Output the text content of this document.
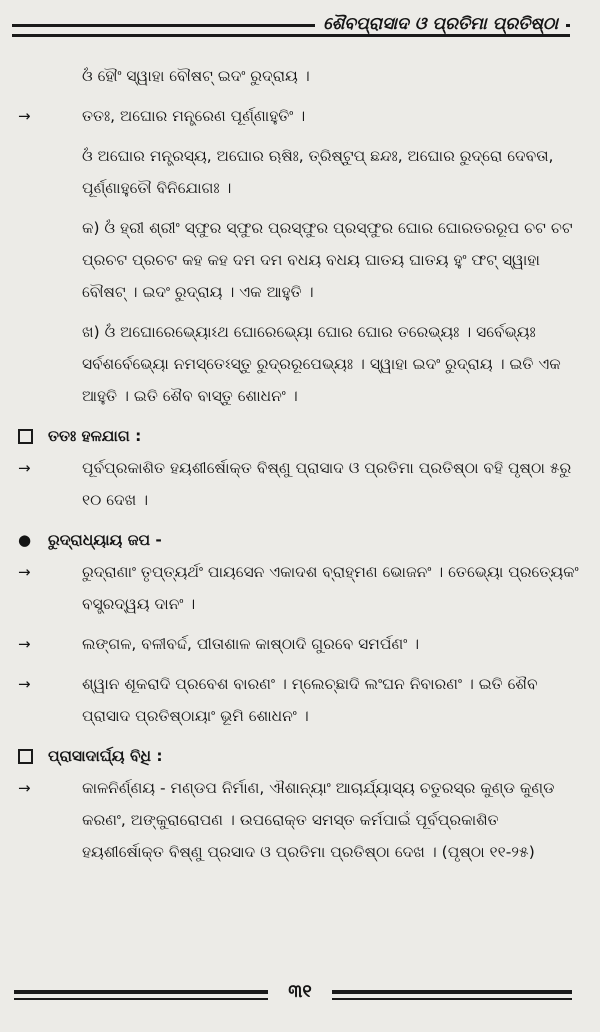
ଶୈବପ୍ରାସାଦ ଓ ପ୍ରତିମା ପ୍ରତିଷ୍ଠା
ଓଁ ହୌଂ ସ୍ୱାହା ବୌଷଟ୍ ଇଦଂ ରୁଦ୍ରାୟ ।
→	ତତଃ, ଅଘୋର ମନ୍ତ୍ରେଣ ପୂର୍ଣ୍ଣାହୁତିଂ ।
ଓଁ ଅଘୋର ମନ୍ତ୍ରସ୍ୟ, ଅଘୋର ଋଷିଃ, ତ୍ରିଷ୍ଟୁପ୍ ଛନ୍ଦଃ, ଅଘୋର ରୁଦ୍ରୋ ଦେବତା, ପୂର୍ଣ୍ଣାହୁତୌ ବିନିଯୋଗଃ ।
କ) ଓଁ ହ୍ରୀ ଶ୍ରୀଂ ସ୍ଫୁର ସ୍ଫୁର ପ୍ରସ୍ଫୁର ପ୍ରସ୍ଫୁର ଘୋର ଘୋରତରରୂପ ଚଟ ଚଟ ପ୍ରଚଟ ପ୍ରଚଟ କହ କହ ଦମ ଦମ ବଧୟ ବଧୟ ଘାତୟ ଘାତୟ ହୁଂ ଫଟ୍ ସ୍ୱାହା ବୌଷଟ୍ । ଇଦଂ ରୁଦ୍ରାୟ । ଏକ ଆହୁତି ।
ଖ) ଓଁ ଅଘୋରେଭ୍ୟୋଽଥ ଘୋରେଭ୍ୟୋ ଘୋର ଘୋର ତରେଭ୍ୟଃ । ସର୍ବେଭ୍ୟଃ ସର୍ବଶର୍ବେଭ୍ୟୋ ନମସ୍ତେଽସ୍ତୁ ରୁଦ୍ରରୂପେଭ୍ୟଃ । ସ୍ୱାହା ଇଦଂ ରୁଦ୍ରାୟ । ଇତି ଏକ ଆହୁତି । ଇତି ଶୈବ ବାସ୍ତୁ ଶୋଧନଂ ।
ତତଃ ହଳଯାଗ :
→	ପୂର୍ବପ୍ରକାଶିତ ହୟଶୀର୍ଷୋକ୍ତ ବିଷ୍ଣୁ ପ୍ରାସାଦ ଓ ପ୍ରତିମା ପ୍ରତିଷ୍ଠା ବହି ପୃଷ୍ଠା ୫ରୁ ୧୦ ଦେଖ ।
● ରୁଦ୍ରାଧ୍ୟାୟ ଜପ -
→	ରୁଦ୍ରାଣାଂ ତୃପ୍ତ୍ୟର୍ଥଂ ପାୟସେନ ଏକାଦଶ ବ୍ରାହ୍ମଣ ଭୋଜନଂ । ତେଭ୍ୟୋ ପ୍ରତ୍ୟେକଂ ବସ୍ତ୍ରଦ୍ୱୟ ଦାନଂ ।
→	ଲଙ୍ଗଳ, ବଳୀବର୍ଦ୍ଦ, ପୀତାଶାଳ କାଷ୍ଠାଦି ଗୁରବେ ସମର୍ପଣଂ ।
→	ଶ୍ୱାନ ଶୂକରାଦି ପ୍ରବେଶ ବାରଣଂ । ମ୍ଲେଚ୍ଛାଦି ଲଂଘନ ନିବାରଣଂ । ଇତି ଶୈବ ପ୍ରାସାଦ ପ୍ରତିଷ୍ଠାୟାଂ ଭୂମି ଶୋଧନଂ ।
ପ୍ରାସାଦାର୍ଘ୍ୟ ବିଧି :
→	କାଳନିର୍ଣ୍ଣୟ - ମଣ୍ଡପ ନିର୍ମାଣ, ଐଶାନ୍ୟାଂ ଆଚାର୍ଯ୍ୟାସ୍ୟ ଚତୁରସ୍ର କୁଣ୍ଡ କୁଣ୍ଡ କରଣଂ, ଅଙ୍କୁରାରୋପଣ । ଉପରୋକ୍ତ ସମସ୍ତ କର୍ମପାଇଁ ପୂର୍ବପ୍ରକାଶିତ ହୟଶୀର୍ଷୋକ୍ତ ବିଷ୍ଣୁ ପ୍ରସାଦ ଓ ପ୍ରତିମା ପ୍ରତିଷ୍ଠା ଦେଖ । (ପୃଷ୍ଠା ୧୧-୨୫)
୩୧
